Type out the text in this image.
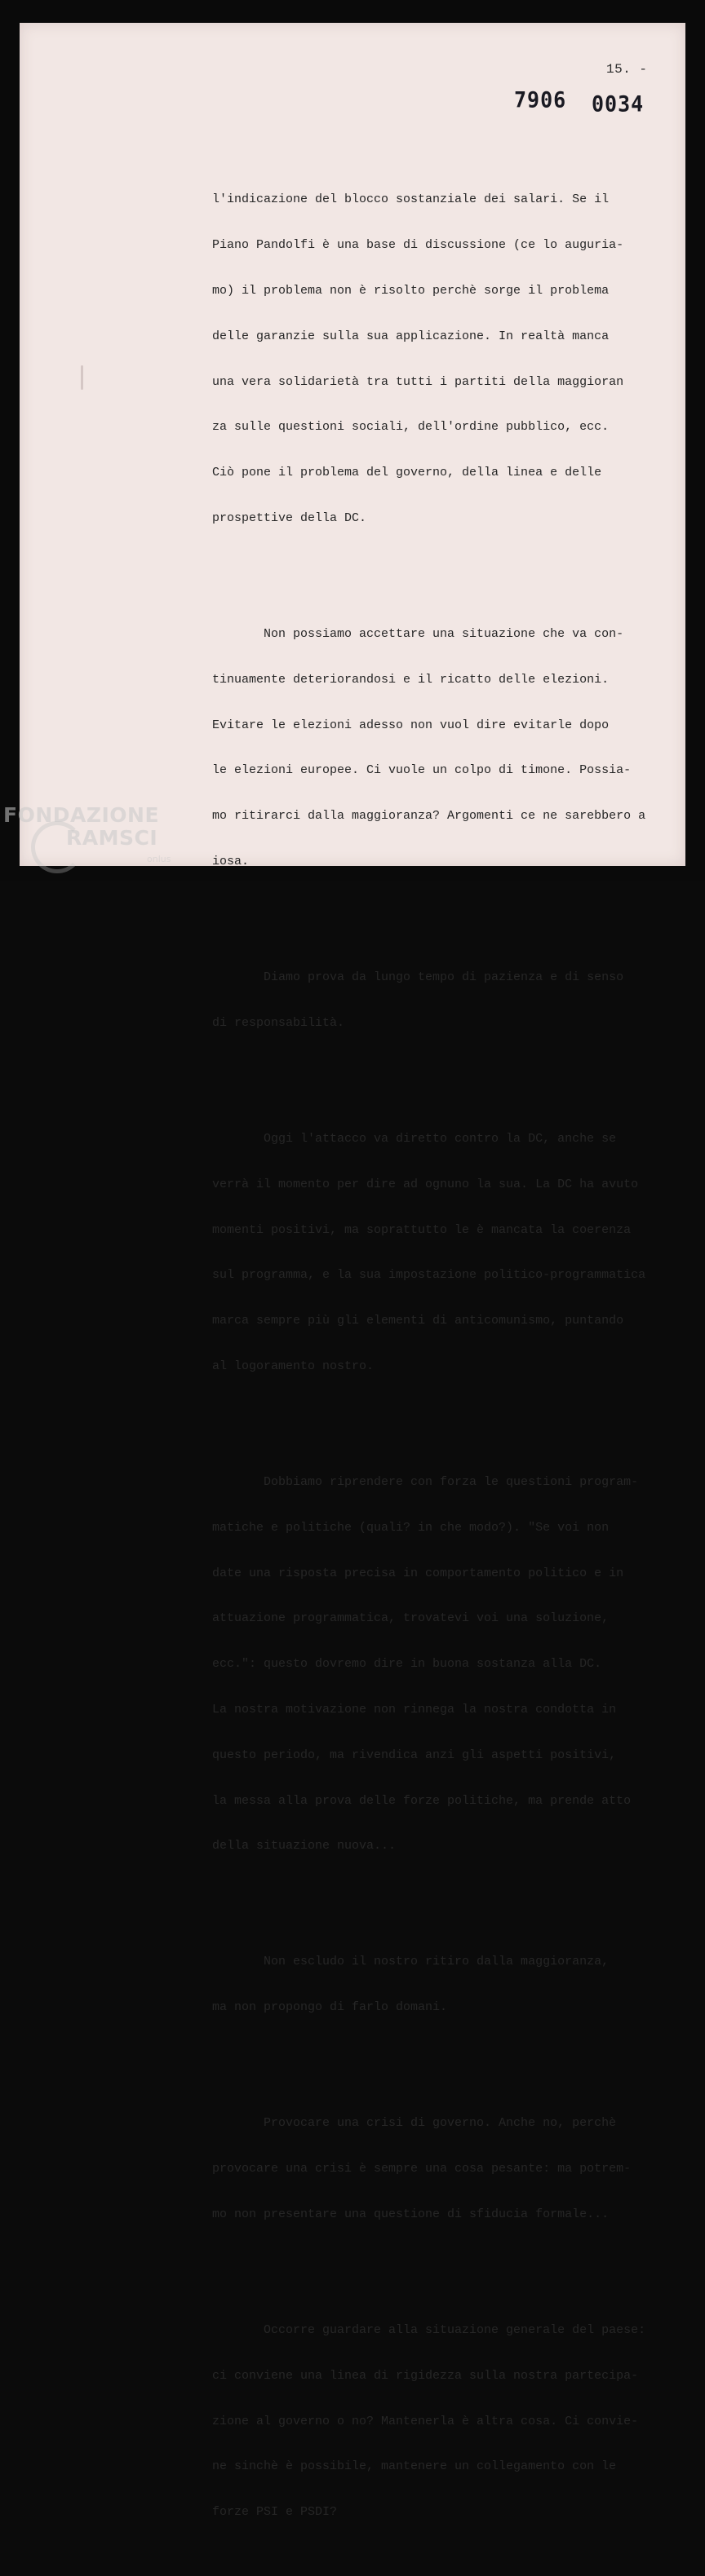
15. -
7906 0034

l'indicazione del blocco sostanziale dei salari. Se il

Piano Pandolfi è una base di discussione (ce lo auguria-

mo) il problema non è risolto perchè sorge il problema

delle garanzie sulla sua applicazione. In realtà manca

una vera solidarietà tra tutti i partiti della maggioran

za sulle questioni sociali, dell'ordine pubblico, ecc.

Ciò pone il problema del governo, della linea e delle

prospettive della DC.

Non possiamo accettare una situazione che va con-

tinuamente deteriorandosi e il ricatto delle elezioni.

Evitare le elezioni adesso non vuol dire evitarle dopo

le elezioni europee. Ci vuole un colpo di timone. Possia-

mo ritirarci dalla maggioranza? Argomenti ce ne sarebbero a

iosa.

Diamo prova da lungo tempo di pazienza e di senso

di responsabilità.

Oggi l'attacco va diretto contro la DC, anche se

verrà il momento per dire ad ognuno la sua. La DC ha avuto

momenti positivi, ma soprattutto le è mancata la coerenza

sul programma, e la sua impostazione politico-programmatica

marca sempre più gli elementi di anticomunismo, puntando

al logoramento nostro.

Dobbiamo riprendere con forza le questioni program-

matiche e politiche (quali? in che modo?). "Se voi non

date una risposta precisa in comportamento politico e in

attuazione programmatica, trovatevi voi una soluzione,

ecc.": questo dovremo dire in buona sostanza alla DC.

La nostra motivazione non rinnega la nostra condotta in

questo periodo, ma rivendica anzi gli aspetti positivi,

la messa alla prova delle forze politiche, ma prende atto

della situazione nuova...

Non escludo il nostro ritiro dalla maggioranza,

ma non propongo di farlo domani.

Provocare una crisi di governo. Anche no, perchè

provocare una crisi è sempre una cosa pesante: ma potrem-

mo non presentare una questione di sfiducia formale...

Occorre guardare alla situazione generale del paese:

ci conviene una linea di rigidezza sulla nostra partecipa-

zione al governo o no? Mantenerla è altra cosa. Ci convie-

ne sinchè è possibile, mantenere un collegamento con le

forze PSI e PSDI?

FONDAZIONE
RAMSCI
onlus
